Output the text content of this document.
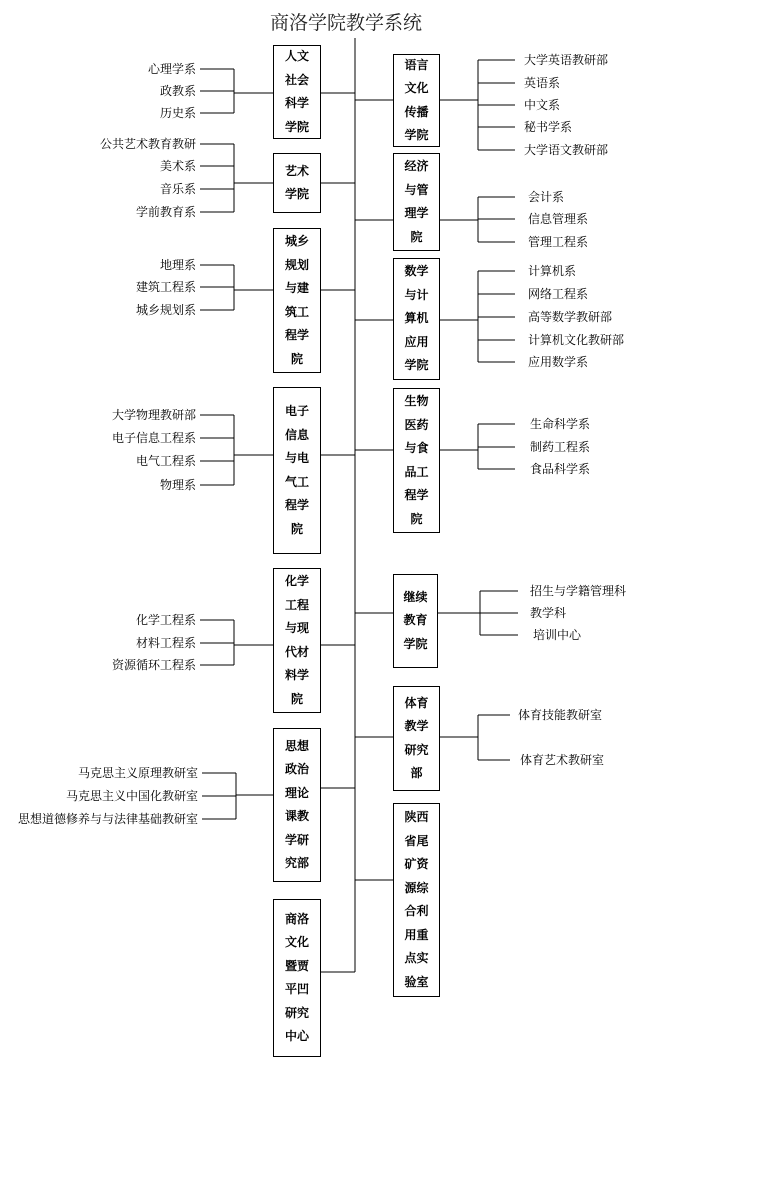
商洛学院教学系统
人文社会科学学院
艺术学院
城乡规划与建筑工程学院
电子信息与电气工程学院
化学工程与现代材料学院
思想政治理论课教学研究部
商洛文化暨贾平凹研究中心
语言文化传播学院
经济与管理学院
数学与计算机应用学院
生物医药与食品工程学院
继续教育学院
体育教学研究部
陕西省尾矿资源综合利用重点实验室
心理学系
政教系
历史系
公共艺术教育教研
美术系
音乐系
学前教育系
地理系
建筑工程系
城乡规划系
大学物理教研部
电子信息工程系
电气工程系
物理系
化学工程系
材料工程系
资源循环工程系
马克思主义原理教研室
马克思主义中国化教研室
思想道德修养与与法律基础教研室
大学英语教研部
英语系
中文系
秘书学系
大学语文教研部
会计系
信息管理系
管理工程系
计算机系
网络工程系
高等数学教研部
计算机文化教研部
应用数学系
生命科学系
制药工程系
食品科学系
招生与学籍管理科
教学科
培训中心
体育技能教研室
体育艺术教研室
